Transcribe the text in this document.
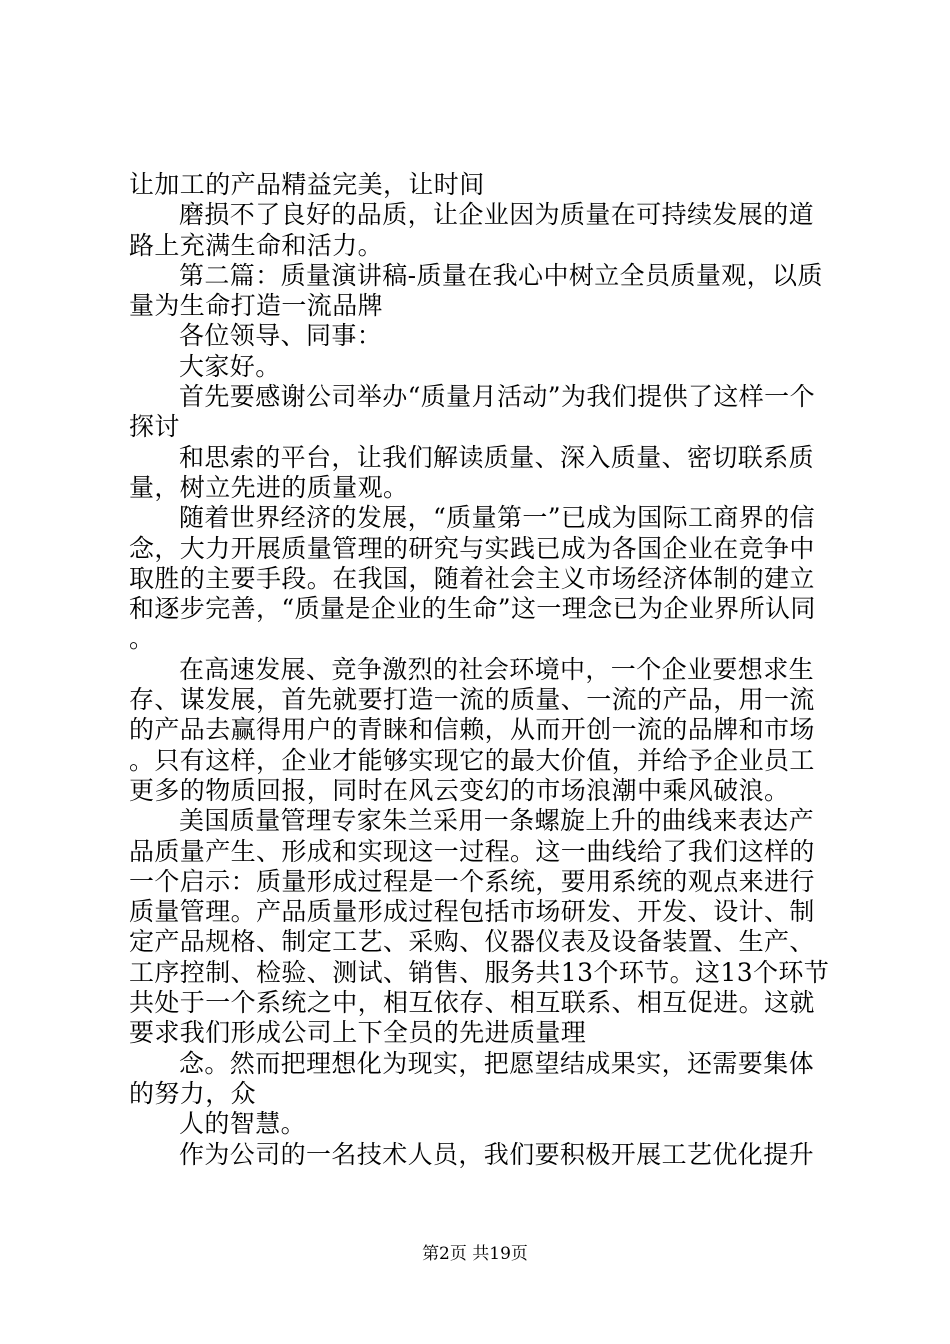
让加工的产品精益完美，让时间

磨损不了良好的品质，让企业因为质量在可持续发展的道路上充满生命和活力。

第二篇：质量演讲稿-质量在我心中树立全员质量观，以质量为生命打造一流品牌

各位领导、同事：

大家好。

首先要感谢公司举办“质量月活动”为我们提供了这样一个探讨

和思索的平台，让我们解读质量、深入质量、密切联系质量，树立先进的质量观。

随着世界经济的发展，“质量第一”已成为国际工商界的信念，大力开展质量管理的研究与实践已成为各国企业在竞争中取胜的主要手段。在我国，随着社会主义市场经济体制的建立和逐步完善，“质量是企业的生命”这一理念已为企业界所认同。

在高速发展、竞争激烈的社会环境中，一个企业要想求生存、谋发展，首先就要打造一流的质量、一流的产品，用一流的产品去赢得用户的青睐和信赖，从而开创一流的品牌和市场。只有这样，企业才能够实现它的最大价值，并给予企业员工更多的物质回报，同时在风云变幻的市场浪潮中乘风破浪。

美国质量管理专家朱兰采用一条螺旋上升的曲线来表达产品质量产生、形成和实现这一过程。这一曲线给了我们这样的一个启示：质量形成过程是一个系统，要用系统的观点来进行质量管理。产品质量形成过程包括市场研发、开发、设计、制定产品规格、制定工艺、采购、仪器仪表及设备装置、生产、工序控制、检验、测试、销售、服务共13个环节。这13个环节共处于一个系统之中，相互依存、相互联系、相互促进。这就要求我们形成公司上下全员的先进质量理

念。然而把理想化为现实，把愿望结成果实，还需要集体的努力，众

人的智慧。

作为公司的一名技术人员，我们要积极开展工艺优化提升

第2页 共19页
